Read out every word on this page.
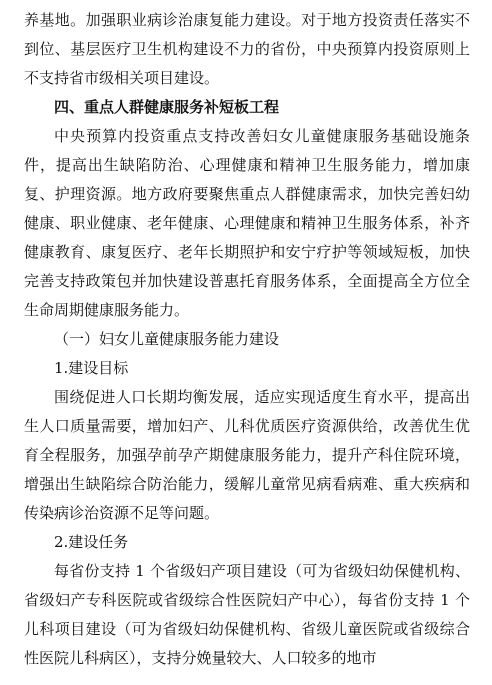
养基地。加强职业病诊治康复能力建设。对于地方投资责任落实不到位、基层医疗卫生机构建设不力的省份，中央预算内投资原则上不支持省市级相关项目建设。

四、重点人群健康服务补短板工程

中央预算内投资重点支持改善妇女儿童健康服务基础设施条件，提高出生缺陷防治、心理健康和精神卫生服务能力，增加康复、护理资源。地方政府要聚焦重点人群健康需求，加快完善妇幼健康、职业健康、老年健康、心理健康和精神卫生服务体系，补齐健康教育、康复医疗、老年长期照护和安宁疗护等领域短板，加快完善支持政策包并加快建设普惠托育服务体系，全面提高全方位全生命周期健康服务能力。

（一）妇女儿童健康服务能力建设

1.建设目标

围绕促进人口长期均衡发展，适应实现适度生育水平，提高出生人口质量需要，增加妇产、儿科优质医疗资源供给，改善优生优育全程服务，加强孕前孕产期健康服务能力，提升产科住院环境，增强出生缺陷综合防治能力，缓解儿童常见病看病难、重大疾病和传染病诊治资源不足等问题。

2.建设任务

每省份支持 1 个省级妇产项目建设（可为省级妇幼保健机构、省级妇产专科医院或省级综合性医院妇产中心），每省份支持 1 个儿科项目建设（可为省级妇幼保健机构、省级儿童医院或省级综合性医院儿科病区），支持分娩量较大、人口较多的地市
